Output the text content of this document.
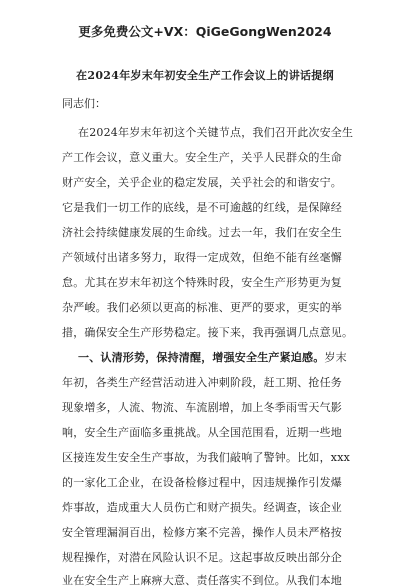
更多免费公文+VX：QiGeGongWen2024
在2024年岁末年初安全生产工作会议上的讲话提纲
同志们：
在2024年岁末年初这个关键节点，我们召开此次安全生
产工作会议，意义重大。安全生产，关乎人民群众的生命
财产安全，关乎企业的稳定发展，关乎社会的和谐安宁。
它是我们一切工作的底线，是不可逾越的红线，是保障经
济社会持续健康发展的生命线。过去一年，我们在安全生
产领域付出诸多努力，取得一定成效，但绝不能有丝毫懈
怠。尤其在岁末年初这个特殊时段，安全生产形势更为复
杂严峻。我们必须以更高的标准、更严的要求，更实的举
措，确保安全生产形势稳定。接下来，我再强调几点意见。
一、认清形势，保持清醒，增强安全生产紧迫感。岁末
年初，各类生产经营活动进入冲刺阶段，赶工期、抢任务
现象增多，人流、物流、车流剧增，加上冬季雨雪天气影
响，安全生产面临多重挑战。从全国范围看，近期一些地
区接连发生安全生产事故，为我们敲响了警钟。比如，xxx
的一家化工企业，在设备检修过程中，因违规操作引发爆
炸事故，造成重大人员伤亡和财产损失。经调查，该企业
安全管理漏洞百出，检修方案不完善，操作人员未严格按
规程操作，对潜在风险认识不足。这起事故反映出部分企
业在安全生产上麻痹大意、责任落实不到位。从我们本地
